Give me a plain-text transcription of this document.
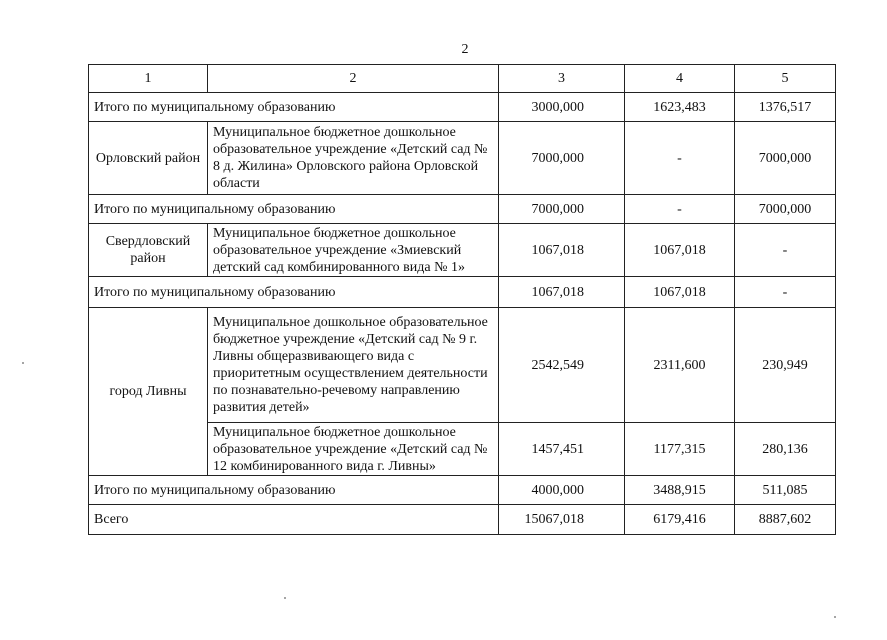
2
1	2	3	4	5
Итого по муниципальному образованию		3000,000	1623,483	1376,517
Орловский район	Муниципальное бюджетное дошкольное образовательное учреждение «Детский сад № 8 д. Жилина» Орловского района Орловской области	7000,000	-	7000,000
Итого по муниципальному образованию		7000,000	-	7000,000
Свердловский район	Муниципальное бюджетное дошкольное образовательное учреждение «Змиевский детский сад комбинированного вида № 1»	1067,018	1067,018	-
Итого по муниципальному образованию		1067,018	1067,018	-
город Ливны	Муниципальное дошкольное образовательное бюджетное учреждение «Детский сад № 9 г. Ливны общеразвивающего вида с приоритетным осуществлением деятельности по познавательно-речевому направлению развития детей»	2542,549	2311,600	230,949
	Муниципальное бюджетное дошкольное образовательное учреждение «Детский сад № 12 комбинированного вида г. Ливны»	1457,451	1177,315	280,136
Итого по муниципальному образованию		4000,000	3488,915	511,085
Всего		15067,018	6179,416	8887,602
